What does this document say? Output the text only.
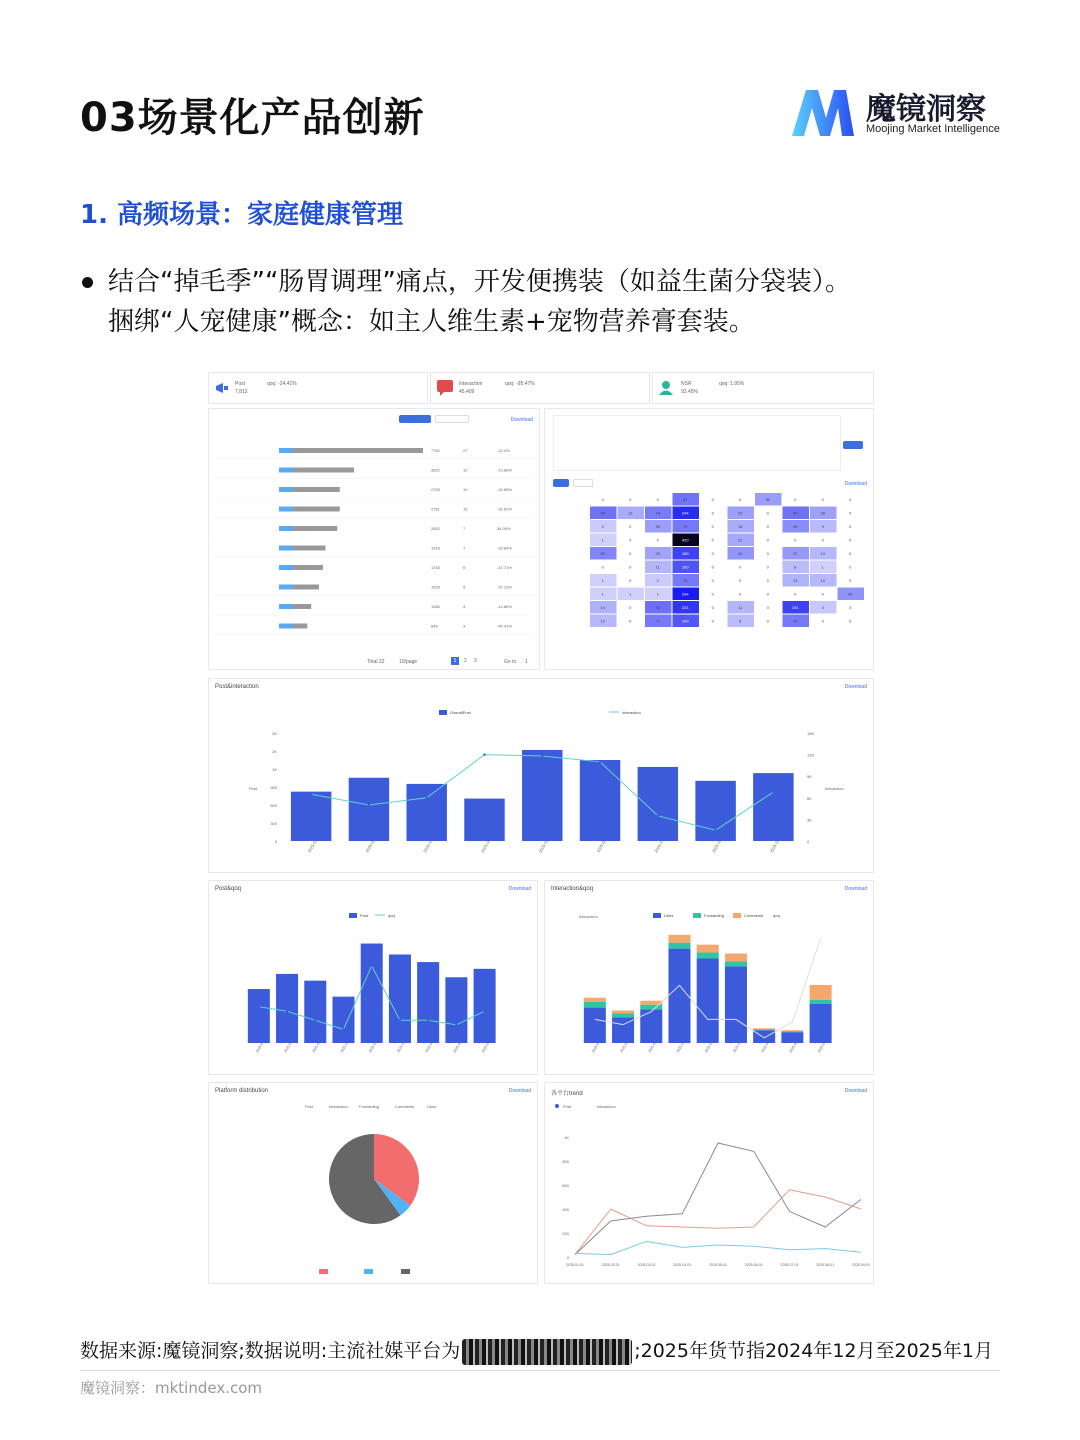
03场景化产品创新	魔镜洞察
Moojing Market Intelligence
1. 高频场景：家庭健康管理
结合“掉毛季”“肠胃调理”痛点，开发便携装（如益生菌分袋装）。
捆绑“人宠健康”概念：如主人维生素+宠物营养膏套装。
Post
7,812
qoq: -24.41%	Interaction
45,409
qoq: -95.47%	NSR
93.45%
qoq: 1.95%
Download
7762	27	-22.4%
3622	12	-13.86%
2763	19	-24.89%
2761	15	-32.62%
2602	7	54.05%
1916	7	-32.84%
1753	6	-47.71%
1529	5	-37.13%
1080	4	-14.86%
846	3	-44.41%
Total 22	10/page	1	2 3	Go to 1
Download
0	0	0	87	0	0	32	0	0	0
90	18	74	244	0	29	0	90	28	0
2	0	30	79	0	18	0	49	9	0
1	0	0	420	0	21	0	0	0	0
60	0	25	189	0	40	0	37	10	0
0	0	11	150	0	0	0	8	1	0
1	0	2	76	0	0	0	13	10	0
1	1	1	294	0	0	0	0	0	42
14	0	92	221	0	11	0	191	3	0
10	0	77	140	0	8	0	79	0	0
Post&interaction	Download
OverallPost	Interaction
2K
2K
1K
900
600
300
0
15K
12K
9K
6K
3K
0
Post	Interaction
2025-01	2025-02	2025-03	2025-04	2025-05	2025-06	2025-07	2025-08	2025-09
Post&qoq	Download
Post	qoq
2025-01	2025-02	2025-03	2025-04	2025-05	2025-06	2025-07	2025-08	2025-09
Interaction&qoq	Download
Likes	Forwarding	Comments qoq
Interaction
2025-01	2025-02	2025-03	2025-04	2025-05	2025-06	2025-07	2025-08	2025-09
Platform distribution	Download
Post	Interaction	Forwarding	Comments	Likes
各平台trend	Download
Post	Interaction
1K
800
600
400
200
0
2025-01-01	2025-02-01	2025-03-01	2025-04-01	2025-05-01	2025-06-01	2025-07-01	2025-08-01	2025-09-01
数据来源:魔镜洞察;数据说明:主流社媒平台为	;2025年货节指2024年12月至2025年1月
魔镜洞察：mktindex.com
